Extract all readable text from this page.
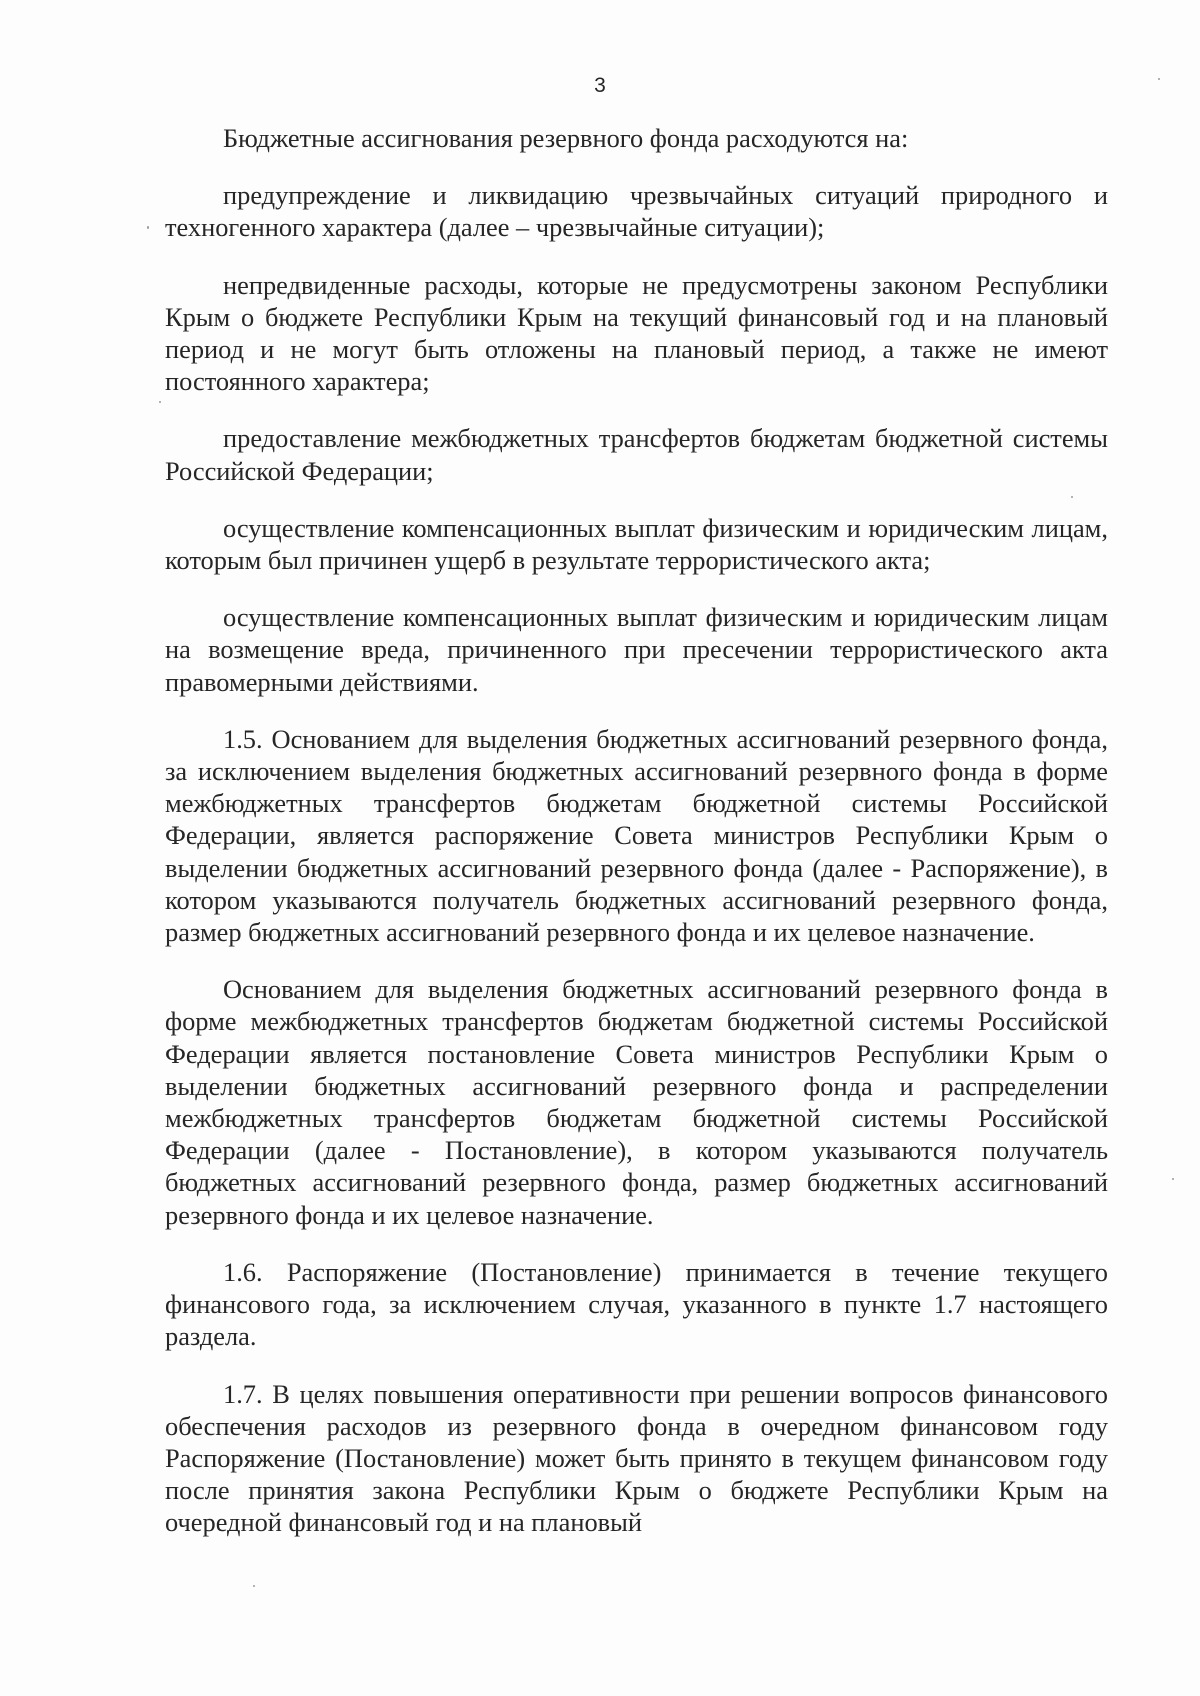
3

Бюджетные ассигнования резервного фонда расходуются на:

предупреждение и ликвидацию чрезвычайных ситуаций природного и техногенного характера (далее – чрезвычайные ситуации);

непредвиденные расходы, которые не предусмотрены законом Республики Крым о бюджете Республики Крым на текущий финансовый год и на плановый период и не могут быть отложены на плановый период, а также не имеют постоянного характера;

предоставление межбюджетных трансфертов бюджетам бюджетной системы Российской Федерации;

осуществление компенсационных выплат физическим и юридическим лицам, которым был причинен ущерб в результате террористического акта;

осуществление компенсационных выплат физическим и юридическим лицам на возмещение вреда, причиненного при пресечении террористического акта правомерными действиями.

1.5. Основанием для выделения бюджетных ассигнований резервного фонда, за исключением выделения бюджетных ассигнований резервного фонда в форме межбюджетных трансфертов бюджетам бюджетной системы Российской Федерации, является распоряжение Совета министров Республики Крым о выделении бюджетных ассигнований резервного фонда (далее - Распоряжение), в котором указываются получатель бюджетных ассигнований резервного фонда, размер бюджетных ассигнований резервного фонда и их целевое назначение.

Основанием для выделения бюджетных ассигнований резервного фонда в форме межбюджетных трансфертов бюджетам бюджетной системы Российской Федерации является постановление Совета министров Республики Крым о выделении бюджетных ассигнований резервного фонда и распределении межбюджетных трансфертов бюджетам бюджетной системы Российской Федерации (далее - Постановление), в котором указываются получатель бюджетных ассигнований резервного фонда, размер бюджетных ассигнований резервного фонда и их целевое назначение.

1.6. Распоряжение (Постановление) принимается в течение текущего финансового года, за исключением случая, указанного в пункте 1.7 настоящего раздела.

1.7. В целях повышения оперативности при решении вопросов финансового обеспечения расходов из резервного фонда в очередном финансовом году Распоряжение (Постановление) может быть принято в текущем финансовом году после принятия закона Республики Крым о бюджете Республики Крым на очередной финансовый год и на плановый
